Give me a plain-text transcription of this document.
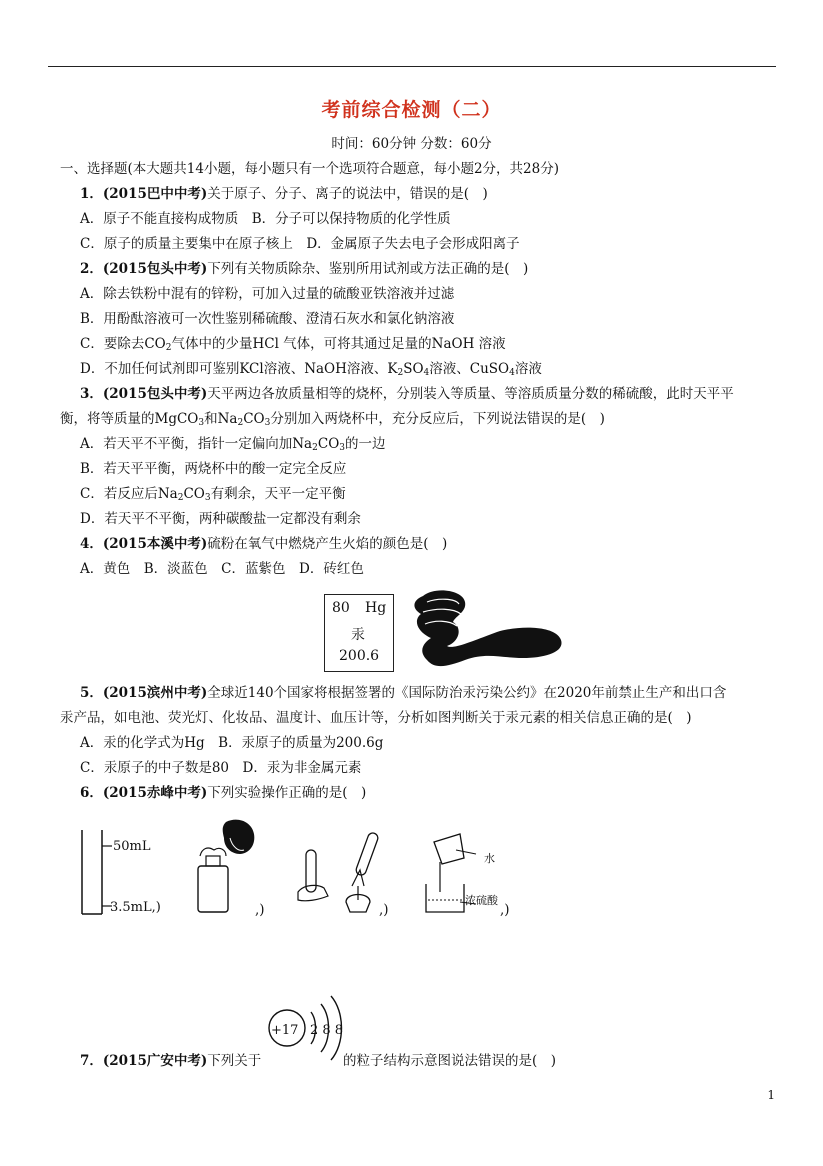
考前综合检测（二）
时间：60分钟 分数：60分
一、选择题(本大题共14小题，每小题只有一个选项符合题意，每小题2分，共28分)
1．(2015巴中中考)关于原子、分子、离子的说法中，错误的是(　)
A．原子不能直接构成物质　B．分子可以保持物质的化学性质
C．原子的质量主要集中在原子核上　D．金属原子失去电子会形成阳离子
2．(2015包头中考)下列有关物质除杂、鉴别所用试剂或方法正确的是(　)
A．除去铁粉中混有的锌粉，可加入过量的硫酸亚铁溶液并过滤
B．用酚酞溶液可一次性鉴别稀硫酸、澄清石灰水和氯化钠溶液
C．要除去$CO_2$气体中的少量HCl 气体，可将其通过足量的NaOH 溶液
D．不加任何试剂即可鉴别KCl溶液、NaOH溶液、$K_2SO_4$溶液、CuSO$_4$溶液
3．(2015包头中考)天平两边各放质量相等的烧杯，分别装入等质量、等溶质质量分数的稀硫酸，此时天平平
衡，将等质量的MgCO$_3$和$Na_2CO_3$分别加入两烧杯中，充分反应后，下列说法错误的是(　)
A．若天平不平衡，指针一定偏向加$Na_2CO_3$的一边
B．若天平平衡，两烧杯中的酸一定完全反应
C．若反应后$Na_2CO_3$有剩余，天平一定平衡
D．若天平不平衡，两种碳酸盐一定都没有剩余
4．(2015本溪中考)硫粉在氧气中燃烧产生火焰的颜色是(　)
A．黄色　B．淡蓝色　C．蓝紫色　D．砖红色
80 Hg
汞
200.6
5．(2015滨州中考)全球近140个国家将根据签署的《国际防治汞污染公约》在2020年前禁止生产和出口含
汞产品，如电池、荧光灯、化妆品、温度计、血压计等，分析如图判断关于汞元素的相关信息正确的是(　)
A．汞的化学式为Hg　B．汞原子的质量为200.6g
C．汞原子的中子数是80　D．汞为非金属元素
6．(2015赤峰中考)下列实验操作正确的是(　)
50mL
3.5mL,)	,)	,)
水
浓硫酸
,)
+17 2 8 8
7．(2015广安中考)下列关于	的粒子结构示意图说法错误的是(　)
1
